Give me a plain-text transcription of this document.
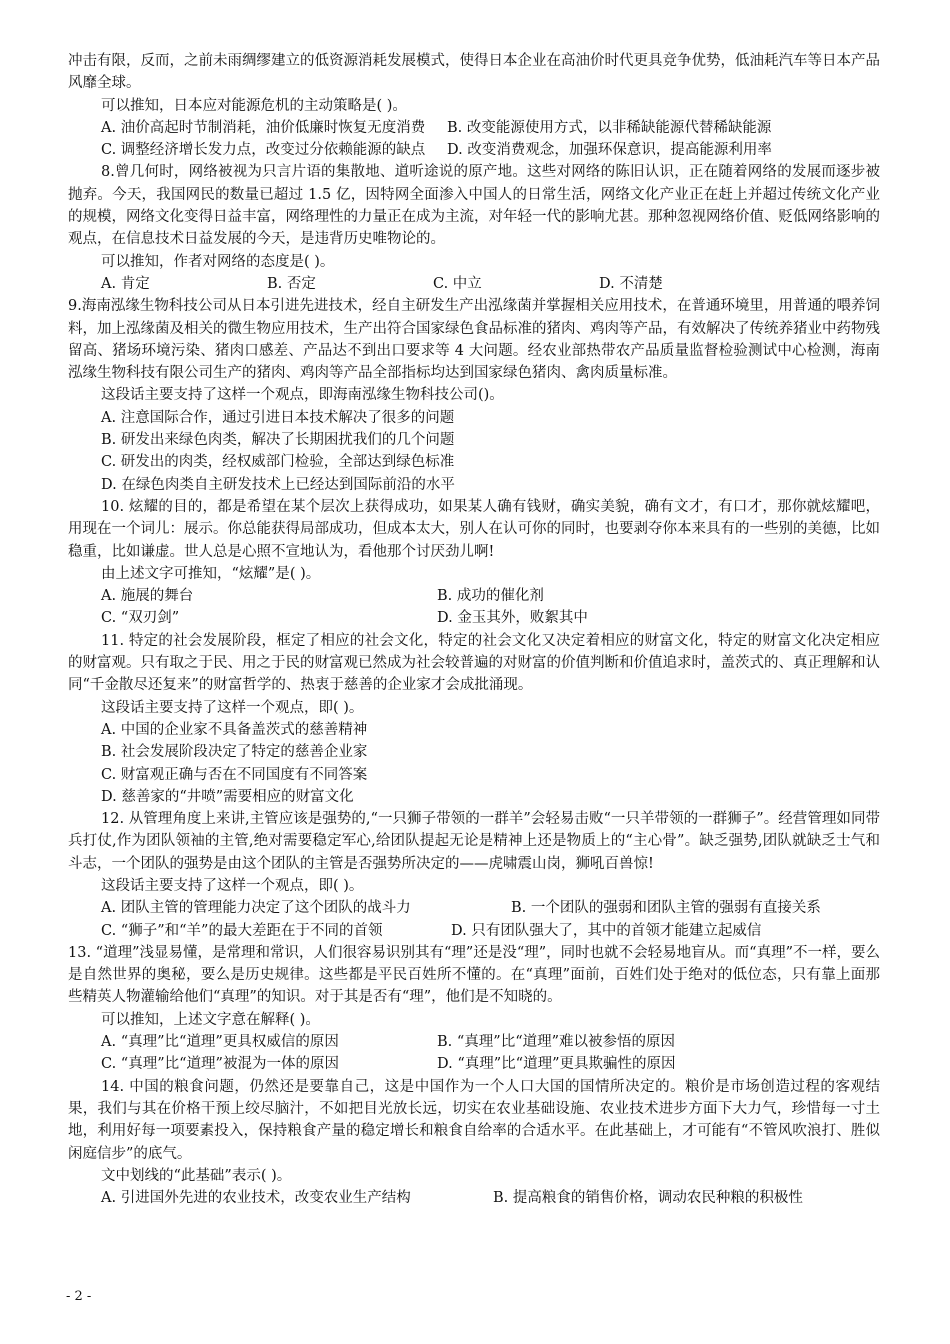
冲击有限，反而，之前未雨绸缪建立的低资源消耗发展模式，使得日本企业在高油价时代更具竞争优势，低油耗汽车等日本产品风靡全球。

可以推知，日本应对能源危机的主动策略是( )。

A. 油价高起时节制消耗，油价低廉时恢复无度消费   B. 改变能源使用方式，以非稀缺能源代替稀缺能源

C. 调整经济增长发力点，改变过分依赖能源的缺点   D. 改变消费观念，加强环保意识，提高能源利用率

8.曾几何时，网络被视为只言片语的集散地、道听途说的原产地。这些对网络的陈旧认识，正在随着网络的发展而逐步被抛弃。今天，我国网民的数量已超过 1.5 亿，因特网全面渗入中国人的日常生活，网络文化产业正在赶上并超过传统文化产业的规模，网络文化变得日益丰富，网络理性的力量正在成为主流，对年轻一代的影响尤甚。那种忽视网络价值、贬低网络影响的观点，在信息技术日益发展的今天，是违背历史唯物论的。

可以推知，作者对网络的态度是( )。

A. 肯定	B. 否定	C. 中立	D. 不清楚

9.海南泓缘生物科技公司从日本引进先进技术，经自主研发生产出泓缘菌并掌握相关应用技术，在普通环境里，用普通的喂养饲料，加上泓缘菌及相关的微生物应用技术，生产出符合国家绿色食品标准的猪肉、鸡肉等产品，有效解决了传统养猪业中药物残留高、猪场环境污染、猪肉口感差、产品达不到出口要求等 4 大问题。经农业部热带农产品质量监督检验测试中心检测，海南泓缘生物科技有限公司生产的猪肉、鸡肉等产品全部指标均达到国家绿色猪肉、禽肉质量标准。

这段话主要支持了这样一个观点，即海南泓缘生物科技公司()。

A. 注意国际合作，通过引进日本技术解决了很多的问题

B. 研发出来绿色肉类，解决了长期困扰我们的几个问题

C. 研发出的肉类，经权威部门检验，全部达到绿色标准

D. 在绿色肉类自主研发技术上已经达到国际前沿的水平

10. 炫耀的目的，都是希望在某个层次上获得成功，如果某人确有钱财，确实美貌，确有文才，有口才，那你就炫耀吧，用现在一个词儿：展示。你总能获得局部成功，但成本太大，别人在认可你的同时，也要剥夺你本来具有的一些别的美德，比如稳重，比如谦虚。世人总是心照不宣地认为，看他那个讨厌劲儿啊!

由上述文字可推知，“炫耀”是( )。

A. 施展的舞台	B. 成功的催化剂
C. “双刃剑”	D. 金玉其外，败絮其中

11. 特定的社会发展阶段，框定了相应的社会文化，特定的社会文化又决定着相应的财富文化，特定的财富文化决定相应的财富观。只有取之于民、用之于民的财富观已然成为社会较普遍的对财富的价值判断和价值追求时，盖茨式的、真正理解和认同“千金散尽还复来”的财富哲学的、热衷于慈善的企业家才会成批涌现。

这段话主要支持了这样一个观点，即( )。

A. 中国的企业家不具备盖茨式的慈善精神

B. 社会发展阶段决定了特定的慈善企业家

C. 财富观正确与否在不同国度有不同答案

D. 慈善家的“井喷”需要相应的财富文化

12. 从管理角度上来讲,主管应该是强势的,“一只狮子带领的一群羊”会轻易击败“一只羊带领的一群狮子”。经营管理如同带兵打仗,作为团队领袖的主管,绝对需要稳定军心,给团队提起无论是精神上还是物质上的“主心骨”。缺乏强势,团队就缺乏士气和斗志，一个团队的强势是由这个团队的主管是否强势所决定的——虎啸震山岗，狮吼百兽惊!

这段话主要支持了这样一个观点，即( )。

A. 团队主管的管理能力决定了这个团队的战斗力	B. 一个团队的强弱和团队主管的强弱有直接关系
C. “狮子”和“羊”的最大差距在于不同的首领	D. 只有团队强大了，其中的首领才能建立起威信

13. “道理”浅显易懂，是常理和常识，人们很容易识别其有“理”还是没“理”，同时也就不会轻易地盲从。而“真理”不一样，要么是自然世界的奥秘，要么是历史规律。这些都是平民百姓所不懂的。在“真理”面前，百姓们处于绝对的低位态，只有靠上面那些精英人物灌输给他们“真理”的知识。对于其是否有“理”，他们是不知晓的。

可以推知，上述文字意在解释( )。

A. “真理”比“道理”更具权威信的原因	B. “真理”比“道理”难以被参悟的原因
C. “真理”比“道理”被混为一体的原因	D. “真理”比“道理”更具欺骗性的原因

14. 中国的粮食问题，仍然还是要靠自己，这是中国作为一个人口大国的国情所决定的。粮价是市场创造过程的客观结果，我们与其在价格干预上绞尽脑汁，不如把目光放长远，切实在农业基础设施、农业技术进步方面下大力气，珍惜每一寸土地，利用好每一项要素投入，保持粮食产量的稳定增长和粮食自给率的合适水平。在此基础上，才可能有“不管风吹浪打、胜似闲庭信步”的底气。

文中划线的“此基础”表示( )。

A. 引进国外先进的农业技术，改变农业生产结构	B. 提高粮食的销售价格，调动农民种粮的积极性
- 2 -
